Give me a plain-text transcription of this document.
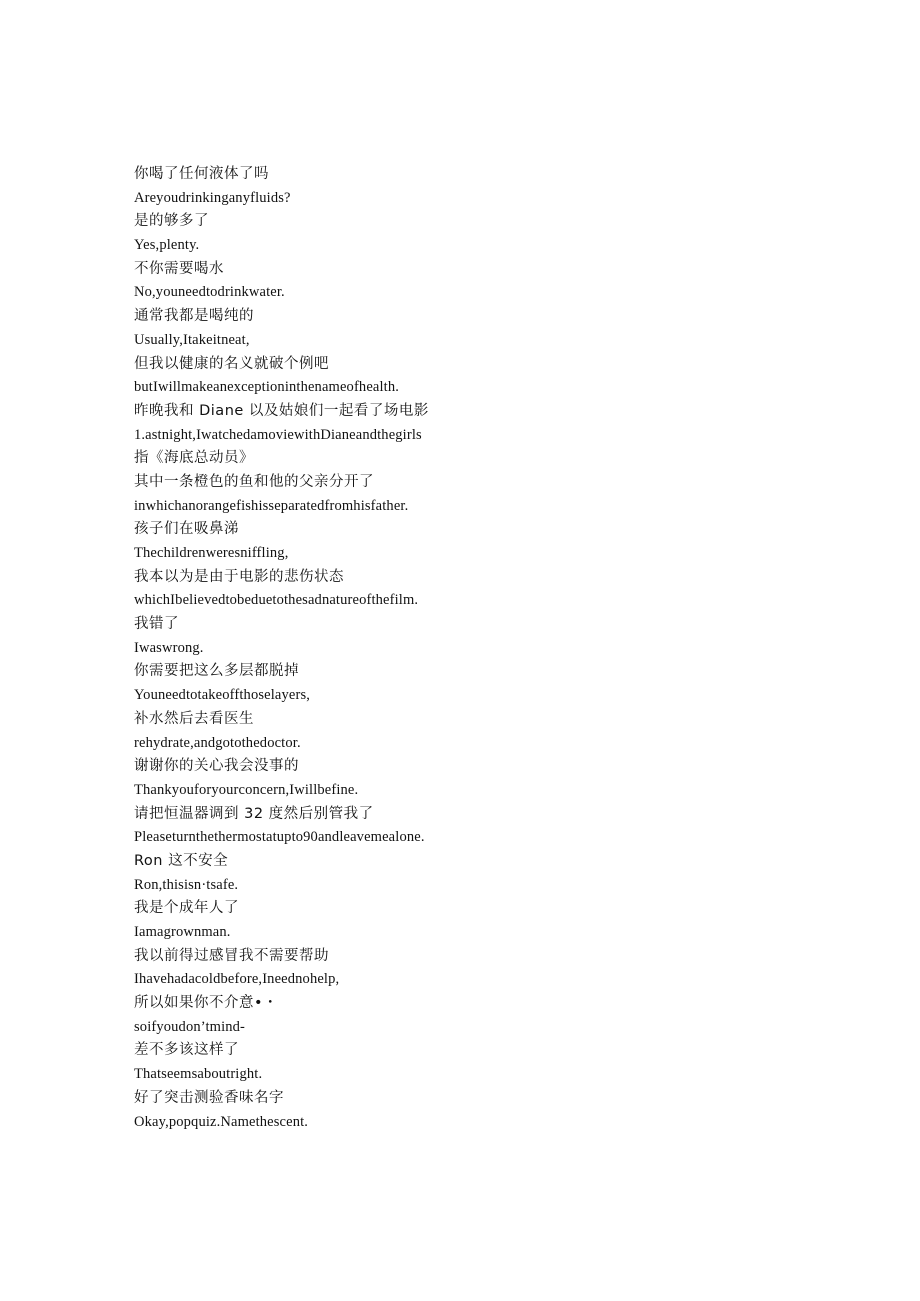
你喝了任何液体了吗
Areyoudrinkinganyfluids?
是的够多了
Yes,plenty.
不你需要喝水
No,youneedtodrinkwater.
通常我都是喝纯的
Usually,Itakeitneat,
但我以健康的名义就破个例吧
butIwillmakeanexceptioninthenameofhealth.
昨晚我和 Diane 以及姑娘们一起看了场电影
1.astnight,IwatchedamoviewithDianeandthegirls
指《海底总动员》
其中一条橙色的鱼和他的父亲分开了
inwhichanorangefishisseparatedfromhisfather.
孩子们在吸鼻涕
Thechildrenweresniffling,
我本以为是由于电影的悲伤状态
whichIbelievedtobeduetothesadnatureofthefilm.
我错了
Iwaswrong.
你需要把这么多层都脱掉
Youneedtotakeoffthoselayers,
补水然后去看医生
rehydrate,andgotothedoctor.
谢谢你的关心我会没事的
Thankyouforyourconcern,Iwillbefine.
请把恒温器调到 32 度然后别管我了
Pleaseturnthethermostatupto90andleavemealone.
Ron 这不安全
Ron,thisisn·tsafe.
我是个成年人了
Iamagrownman.
我以前得过感冒我不需要帮助
Ihavehadacoldbefore,Ineednohelp,
所以如果你不介意•・
soifyoudon’tmind-
差不多该这样了
Thatseemsaboutright.
好了突击测验香味名字
Okay,popquiz.Namethescent.
